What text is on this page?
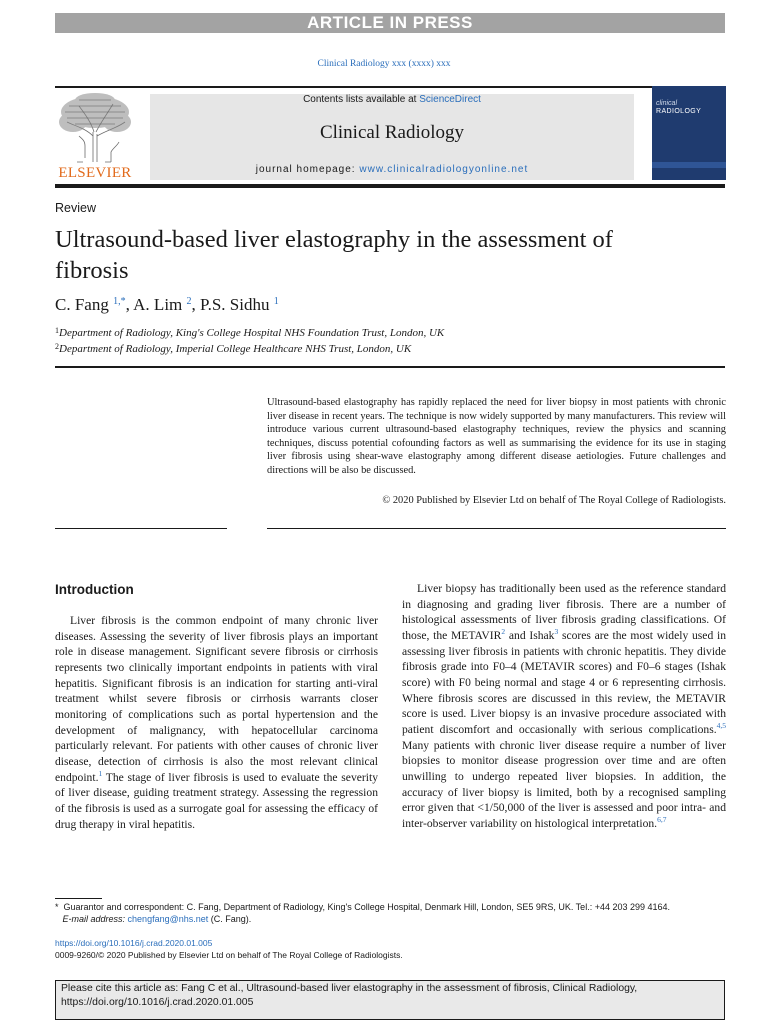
ARTICLE IN PRESS
Clinical Radiology xxx (xxxx) xxx
ELSEVIER
Contents lists available at ScienceDirect
Clinical Radiology
journal homepage: www.clinicalradiologyonline.net
clinical
RADIOLOGY
Review
Ultrasound-based liver elastography in the assessment of fibrosis
C. Fang $^{1,*}$, A. Lim $^2$, P.S. Sidhu $^1$
$^1$Department of Radiology, King's College Hospital NHS Foundation Trust, London, UK
$^2$Department of Radiology, Imperial College Healthcare NHS Trust, London, UK

Ultrasound-based elastography has rapidly replaced the need for liver biopsy in most patients with chronic liver disease in recent years. The technique is now widely supported by many manufacturers. This review will introduce various current ultrasound-based elastography techniques, review the physics and scanning techniques, discuss potential cofounding factors as well as summarising the evidence for its use in staging liver fibrosis using shear-wave elastography among different disease aetiologies. Future challenges and directions will be also be discussed.

© 2020 Published by Elsevier Ltd on behalf of The Royal College of Radiologists.
Introduction

Liver fibrosis is the common endpoint of many chronic liver diseases. Assessing the severity of liver fibrosis plays an important role in disease management. Significant severe fibrosis or cirrhosis represents two clinically important endpoints in patients with viral hepatitis. Significant fibrosis is an indication for starting anti-viral treatment whilst severe fibrosis or cirrhosis warrants closer monitoring of complications such as portal hypertension and the development of malignancy, with hepatocellular carcinoma particularly relevant. For patients with other causes of chronic liver disease, detection of cirrhosis is also the most relevant clinical endpoint.$^1$ The stage of liver fibrosis is used to evaluate the severity of liver disease, guiding treatment strategy. Assessing the regression of the fibrosis is used as a surrogate goal for assessing the efficacy of drug therapy in viral hepatitis.

Liver biopsy has traditionally been used as the reference standard in diagnosing and grading liver fibrosis. There are a number of histological assessments of liver fibrosis grading classifications. Of those, the METAVIR$^2$ and Ishak$^3$ scores are the most widely used in assessing liver fibrosis in patients with chronic hepatitis. They divide fibrosis grade into F0–4 (METAVIR scores) and F0–6 stages (Ishak score) with F0 being normal and stage 4 or 6 representing cirrhosis. Where fibrosis scores are discussed in this review, the METAVIR score is used. Liver biopsy is an invasive procedure associated with patient discomfort and occasionally with serious complications.$^{4,5}$ Many patients with chronic liver disease require a number of liver biopsies to monitor disease progression over time and are often unwilling to undergo repeated liver biopsies. In addition, the accuracy of liver biopsy is limited, both by a recognised sampling error given that <1/50,000 of the liver is assessed and poor intra- and inter-observer variability on histological interpretation.$^{6,7}$

* Guarantor and correspondent: C. Fang, Department of Radiology, King's College Hospital, Denmark Hill, London, SE5 9RS, UK. Tel.: +44 203 299 4164.
E-mail address: chengfang@nhs.net (C. Fang).
https://doi.org/10.1016/j.crad.2020.01.005
0009-9260/© 2020 Published by Elsevier Ltd on behalf of The Royal College of Radiologists.
Please cite this article as: Fang C et al., Ultrasound-based liver elastography in the assessment of fibrosis, Clinical Radiology, https://doi.org/10.1016/j.crad.2020.01.005
